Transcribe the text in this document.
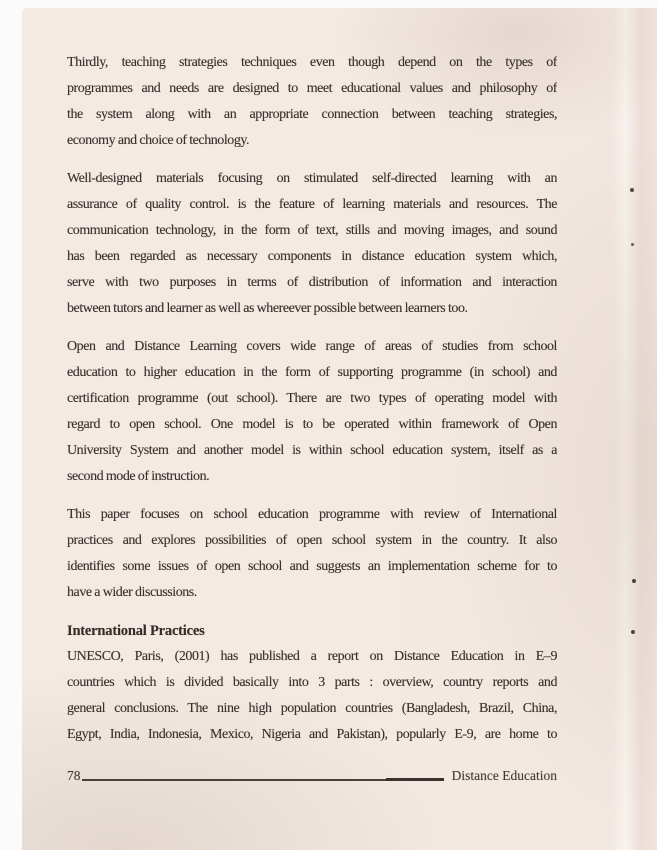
Thirdly, teaching strategies techniques even though depend on the types of
programmes and needs are designed to meet educational values and philosophy of
the system along with an appropriate connection between teaching strategies,
economy and choice of technology.
Well-designed materials focusing on stimulated self-directed learning with an
assurance of quality control. is the feature of learning materials and resources. The
communication technology, in the form of text, stills and moving images, and sound
has been regarded as necessary components in distance education system which,
serve with two purposes in terms of distribution of information and interaction
between tutors and learner as well as whereever possible between learners too.
Open and Distance Learning covers wide range of areas of studies from school
education to higher education in the form of supporting programme (in school) and
certification programme (out school). There are two types of operating model with
regard to open school. One model is to be operated within framework of Open
University System and another model is within school education system, itself as a
second mode of instruction.
This paper focuses on school education programme with review of International
practices and explores possibilities of open school system in the country. It also
identifies some issues of open school and suggests an implementation scheme for to
have a wider discussions.
International Practices
UNESCO, Paris, (2001) has published a report on Distance Education in E–9
countries which is divided basically into 3 parts : overview, country reports and
general conclusions. The nine high population countries (Bangladesh, Brazil, China,
Egypt, India, Indonesia, Mexico, Nigeria and Pakistan), popularly E-9, are home to
78	Distance Education
